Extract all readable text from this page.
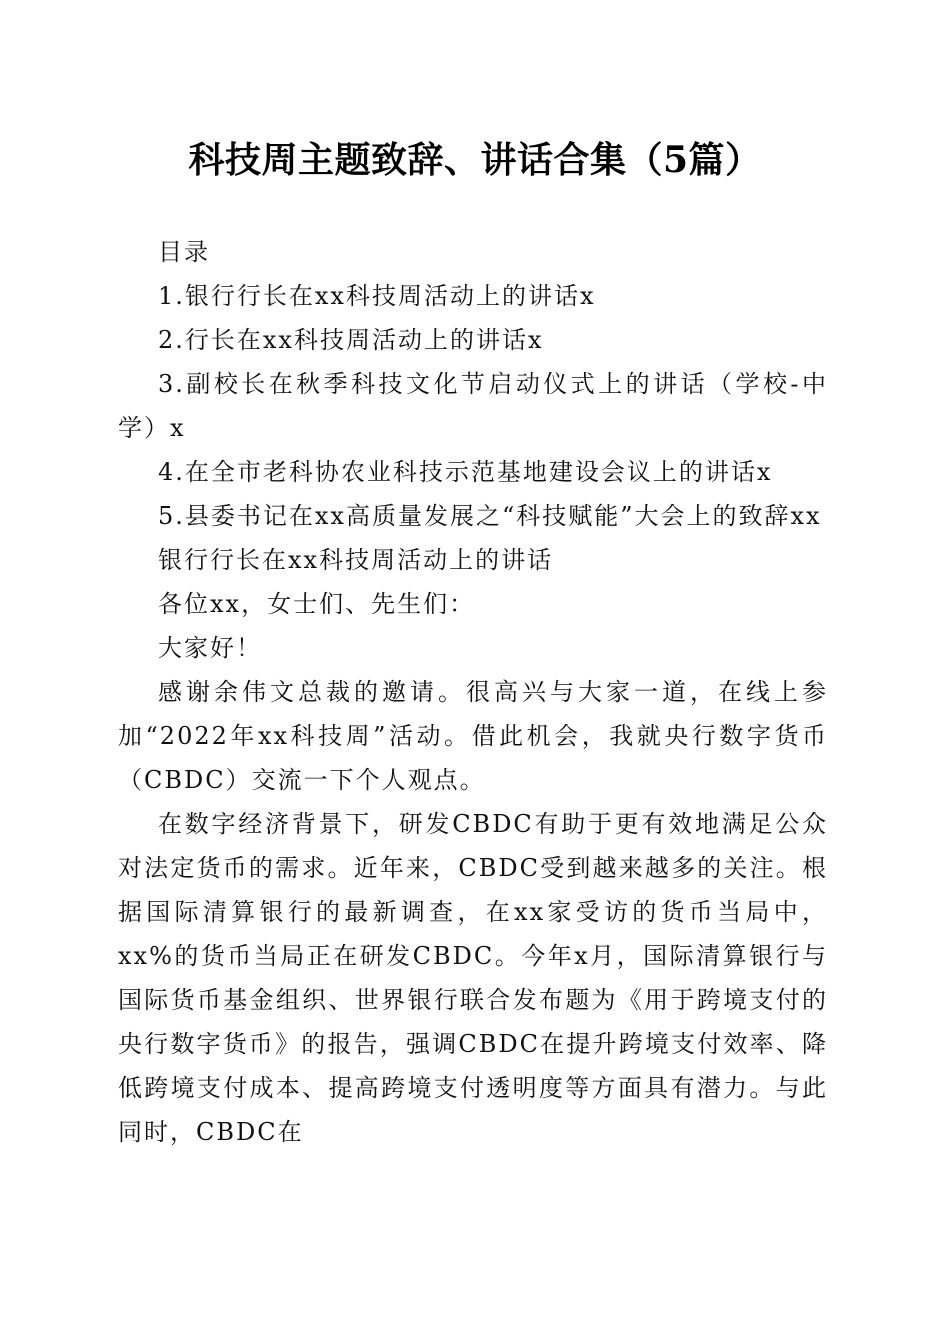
科技周主题致辞、讲话合集（5篇）

目录

1.银行行长在xx科技周活动上的讲话x

2.行长在xx科技周活动上的讲话x

3.副校长在秋季科技文化节启动仪式上的讲话（学校-中学）x

4.在全市老科协农业科技示范基地建设会议上的讲话x

5.县委书记在xx高质量发展之“科技赋能”大会上的致辞xx

银行行长在xx科技周活动上的讲话

各位xx，女士们、先生们：

大家好！

感谢余伟文总裁的邀请。很高兴与大家一道，在线上参加“2022年xx科技周”活动。借此机会，我就央行数字货币（CBDC）交流一下个人观点。

在数字经济背景下，研发CBDC有助于更有效地满足公众对法定货币的需求。近年来，CBDC受到越来越多的关注。根据国际清算银行的最新调查，在xx家受访的货币当局中，xx%的货币当局正在研发CBDC。今年x月，国际清算银行与国际货币基金组织、世界银行联合发布题为《用于跨境支付的央行数字货币》的报告，强调CBDC在提升跨境支付效率、降低跨境支付成本、提高跨境支付透明度等方面具有潜力。与此同时，CBDC在
